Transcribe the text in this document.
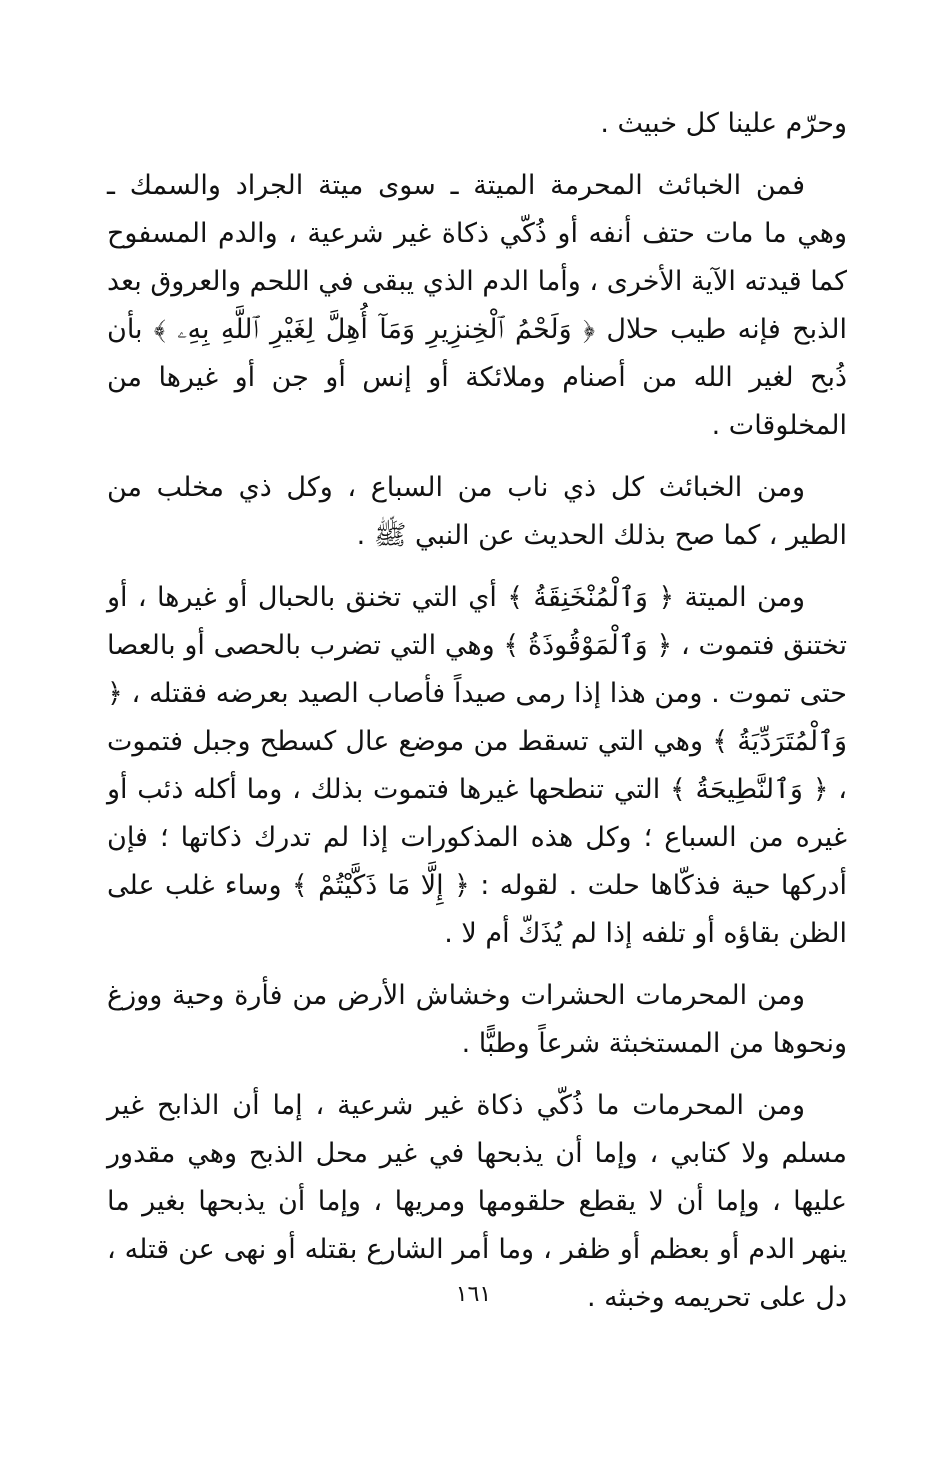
وحرّم علينا كل خبيث .

فمن الخبائث المحرمة الميتة ـ سوى ميتة الجراد والسمك ـ وهي ما مات حتف أنفه أو ذُكّي ذكاة غير شرعية ، والدم المسفوح كما قيدته الآية الأخرى ، وأما الدم الذي يبقى في اللحم والعروق بعد الذبح فإنه طيب حلال ﴿ وَلَحْمُ ٱلْخِنزِيرِ وَمَآ أُهِلَّ لِغَيْرِ ٱللَّهِ بِهِۦ ﴾ بأن ذُبح لغير الله من أصنام وملائكة أو إنس أو جن أو غيرها من المخلوقات .

ومن الخبائث كل ذي ناب من السباع ، وكل ذي مخلب من الطير ، كما صح بذلك الحديث عن النبي ﷺ .

ومن الميتة ﴿ وَٱلْمُنْخَنِقَةُ ﴾ أي التي تخنق بالحبال أو غيرها ، أو تختنق فتموت ، ﴿ وَٱلْمَوْقُوذَةُ ﴾ وهي التي تضرب بالحصى أو بالعصا حتى تموت . ومن هذا إذا رمى صيداً فأصاب الصيد بعرضه فقتله ، ﴿ وَٱلْمُتَرَدِّيَةُ ﴾ وهي التي تسقط من موضع عال كسطح وجبل فتموت ، ﴿ وَٱلنَّطِيحَةُ ﴾ التي تنطحها غيرها فتموت بذلك ، وما أكله ذئب أو غيره من السباع ؛ وكل هذه المذكورات إذا لم تدرك ذكاتها ؛ فإن أدركها حية فذكّاها حلت . لقوله : ﴿ إِلَّا مَا ذَكَّيْتُمْ ﴾ وساء غلب على الظن بقاؤه أو تلفه إذا لم يُذَكّ أم لا .

ومن المحرمات الحشرات وخشاش الأرض من فأرة وحية ووزغ ونحوها من المستخبثة شرعاً وطبًّا .

ومن المحرمات ما ذُكّي ذكاة غير شرعية ، إما أن الذابح غير مسلم ولا كتابي ، وإما أن يذبحها في غير محل الذبح وهي مقدور عليها ، وإما أن لا يقطع حلقومها ومريها ، وإما أن يذبحها بغير ما ينهر الدم أو بعظم أو ظفر ، وما أمر الشارع بقتله أو نهى عن قتله ، دل على تحريمه وخبثه .

١٦١
